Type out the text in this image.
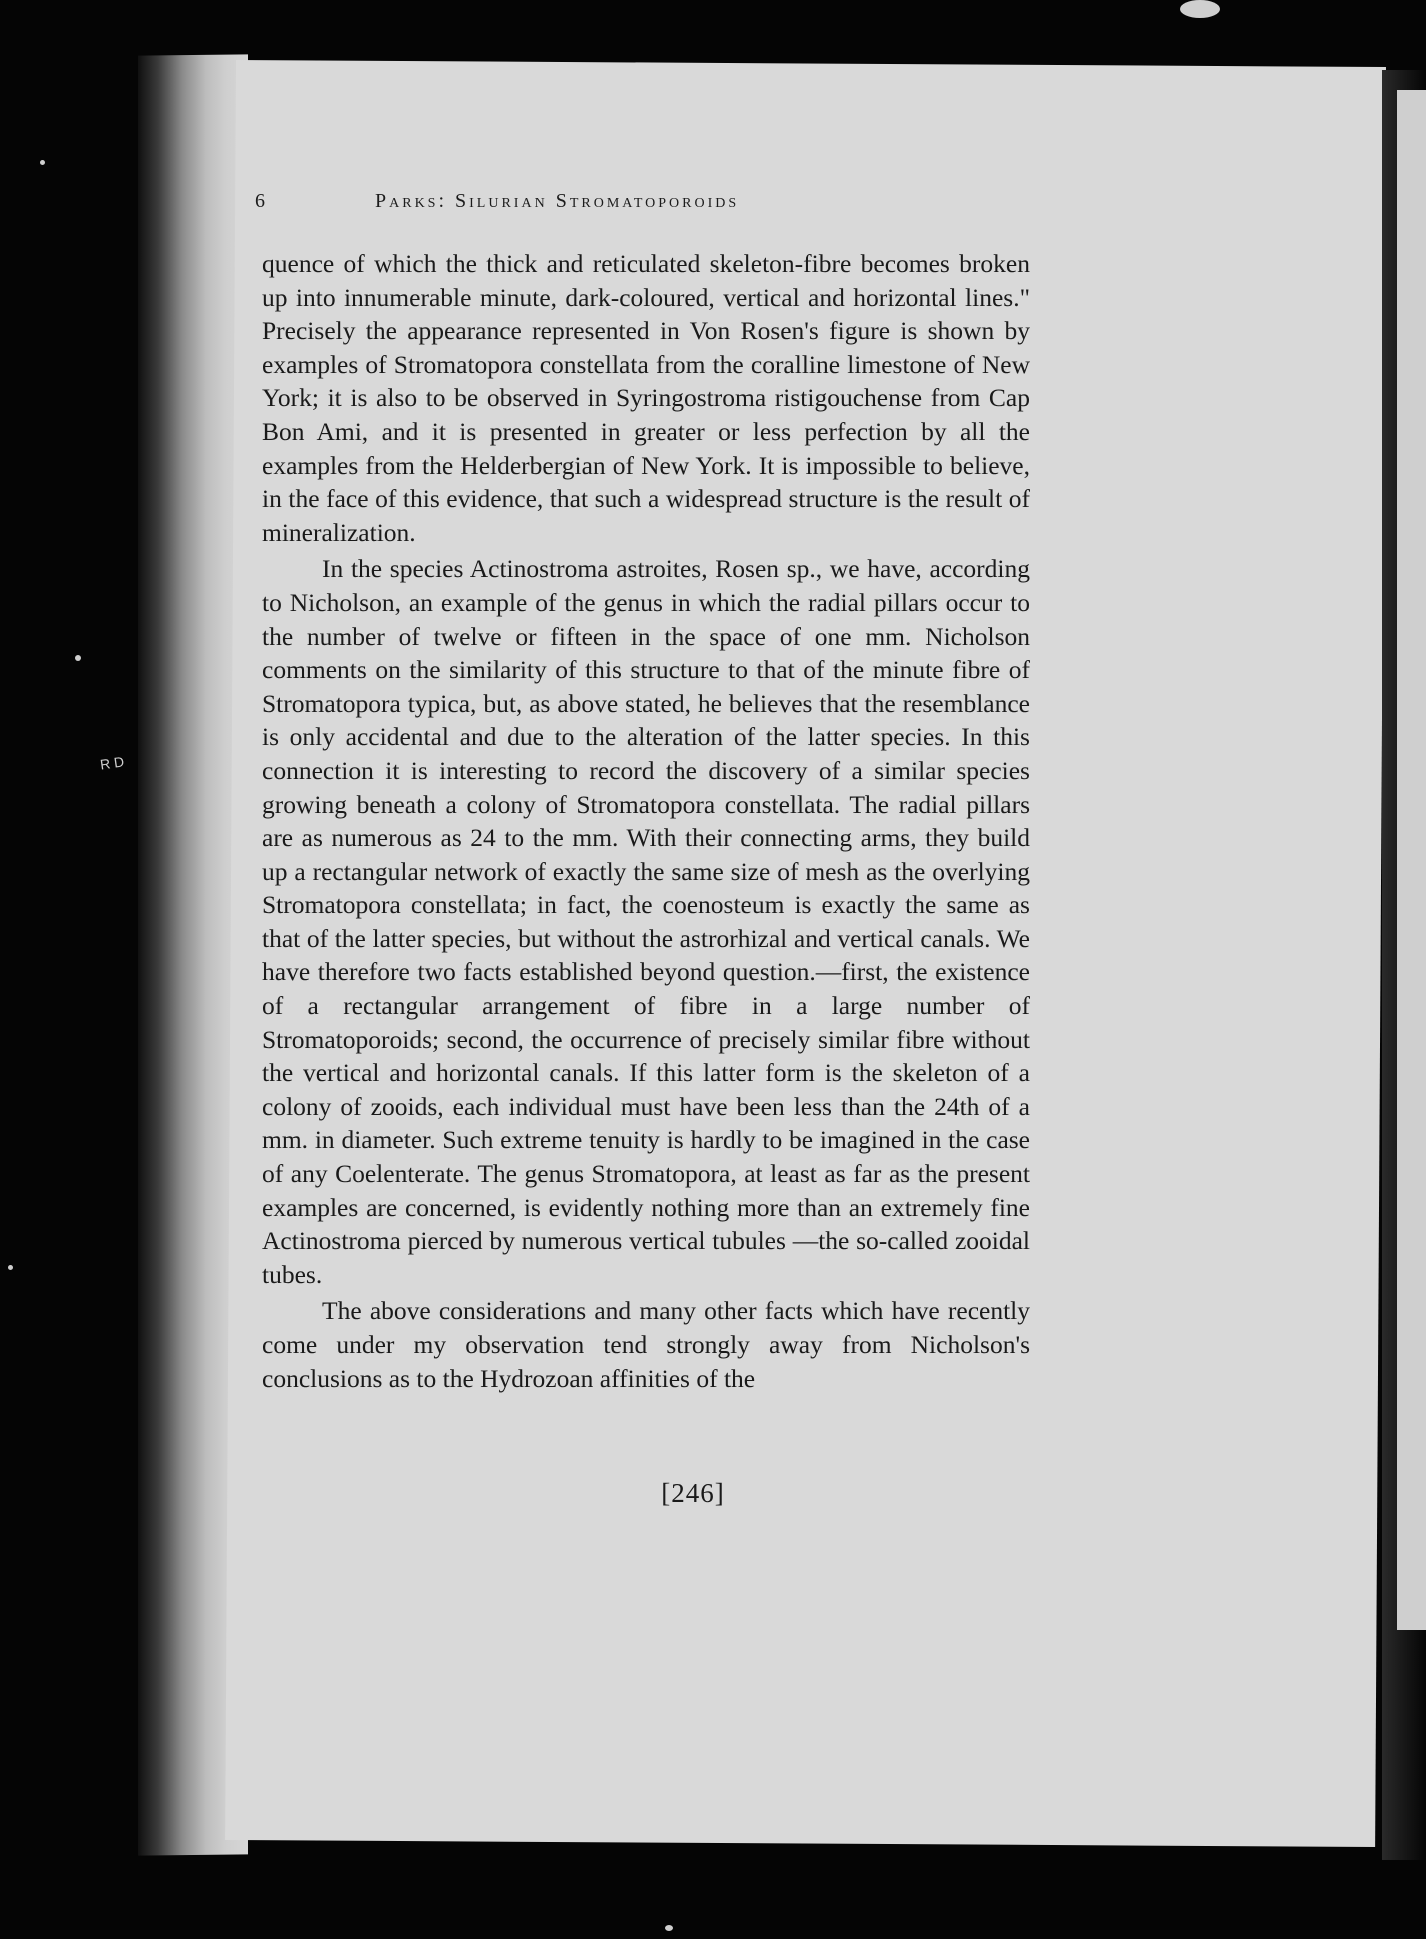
R D
6	Parks: Silurian Stromatoporoids

quence of which the thick and reticulated skeleton-fibre becomes broken up into innumerable minute, dark-coloured, vertical and horizontal lines." Precisely the appearance represented in Von Rosen's figure is shown by examples of Stromatopora constellata from the coralline limestone of New York; it is also to be observed in Syringostroma ristigouchense from Cap Bon Ami, and it is presented in greater or less perfection by all the examples from the Helderbergian of New York. It is impossible to believe, in the face of this evidence, that such a widespread structure is the result of mineralization.

In the species Actinostroma astroites, Rosen sp., we have, according to Nicholson, an example of the genus in which the radial pillars occur to the number of twelve or fifteen in the space of one mm. Nicholson comments on the similarity of this structure to that of the minute fibre of Stromatopora typica, but, as above stated, he believes that the resemblance is only accidental and due to the alteration of the latter species. In this connection it is interesting to record the discovery of a similar species growing beneath a colony of Stromatopora constellata. The radial pillars are as numerous as 24 to the mm. With their connecting arms, they build up a rectangular network of exactly the same size of mesh as the overlying Stromatopora constellata; in fact, the coenosteum is exactly the same as that of the latter species, but without the astrorhizal and vertical canals. We have therefore two facts established beyond question.—first, the existence of a rectangular arrangement of fibre in a large number of Stromatoporoids; second, the occurrence of precisely similar fibre without the vertical and horizontal canals. If this latter form is the skeleton of a colony of zooids, each individual must have been less than the 24th of a mm. in diameter. Such extreme tenuity is hardly to be imagined in the case of any Coelenterate. The genus Stromatopora, at least as far as the present examples are concerned, is evidently nothing more than an extremely fine Actinostroma pierced by numerous vertical tubules —the so-called zooidal tubes.

The above considerations and many other facts which have recently come under my observation tend strongly away from Nicholson's conclusions as to the Hydrozoan affinities of the

[246]
